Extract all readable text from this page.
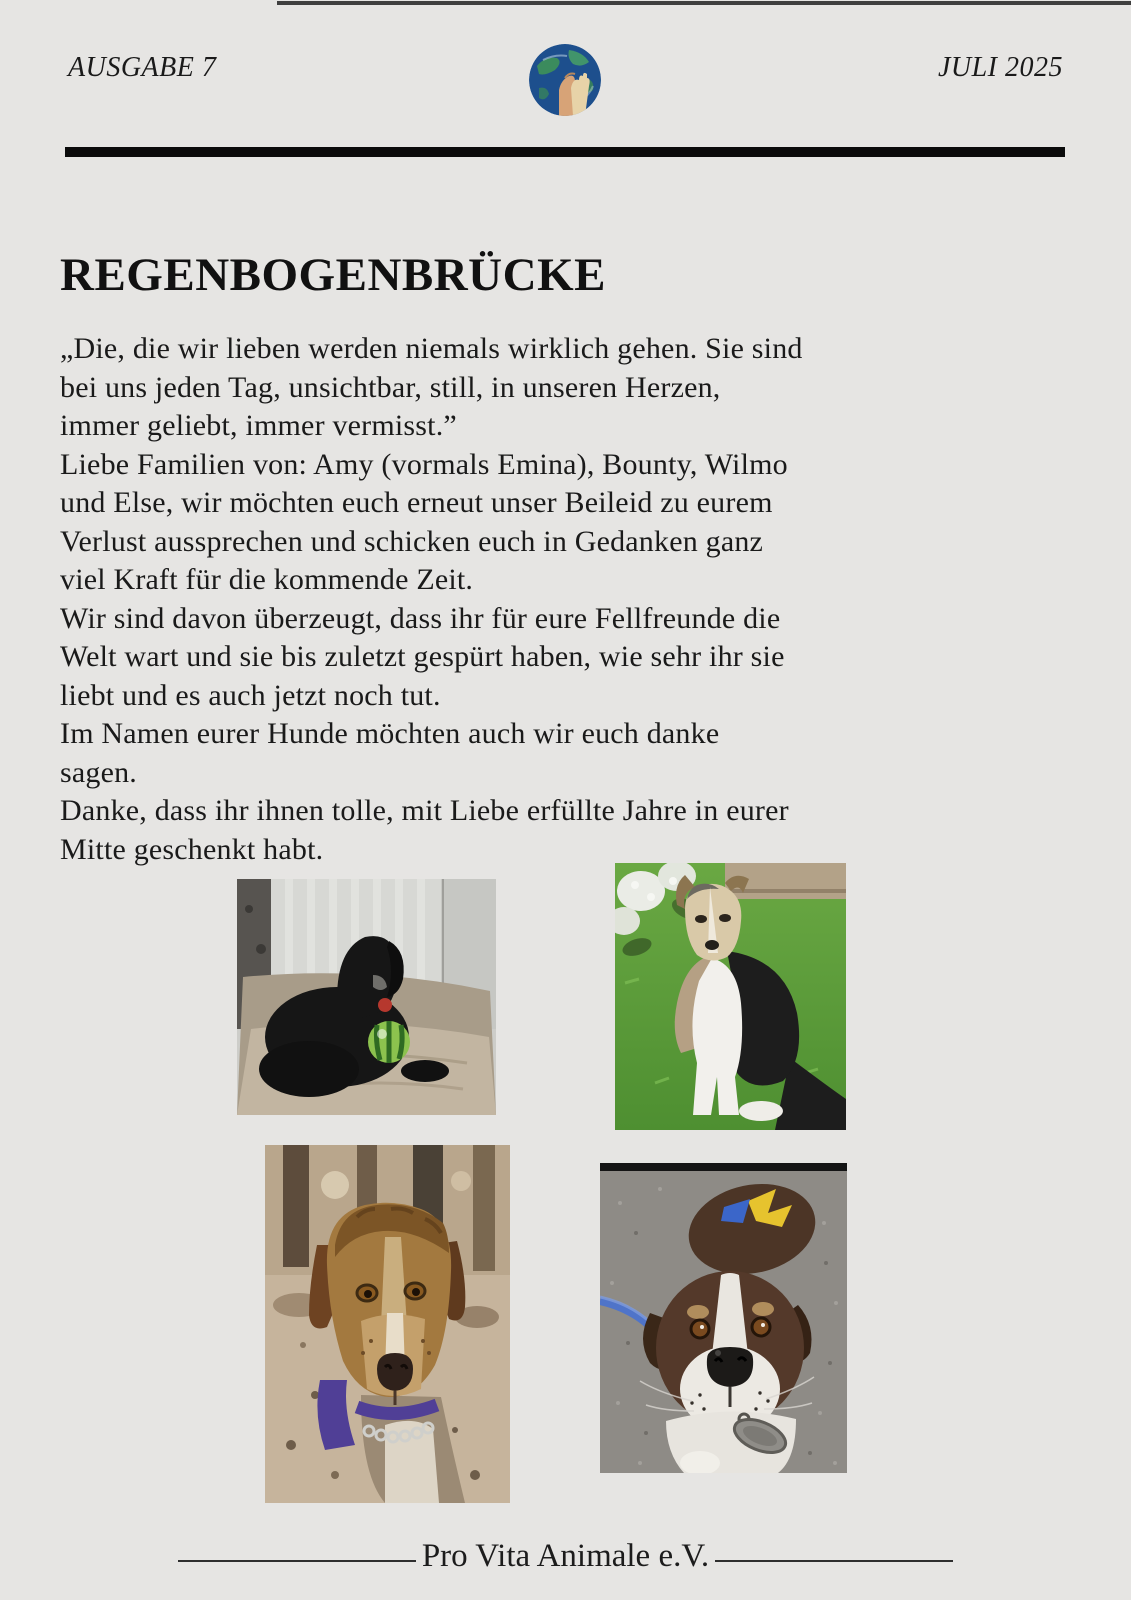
AUSGABE 7	JULI 2025
REGENBOGENBRÜCKE
„Die, die wir lieben werden niemals wirklich gehen. Sie sind
bei uns jeden Tag, unsichtbar, still, in unseren Herzen,
immer geliebt, immer vermisst.”
Liebe Familien von: Amy (vormals Emina), Bounty, Wilmo
und Else, wir möchten euch erneut unser Beileid zu eurem
Verlust aussprechen und schicken euch in Gedanken ganz
viel Kraft für die kommende Zeit.
Wir sind davon überzeugt, dass ihr für eure Fellfreunde die
Welt wart und sie bis zuletzt gespürt haben, wie sehr ihr sie
liebt und es auch jetzt noch tut.
Im Namen eurer Hunde möchten auch wir euch danke
sagen.
Danke, dass ihr ihnen tolle, mit Liebe erfüllte Jahre in eurer
Mitte geschenkt habt.
Pro Vita Animale e.V.
